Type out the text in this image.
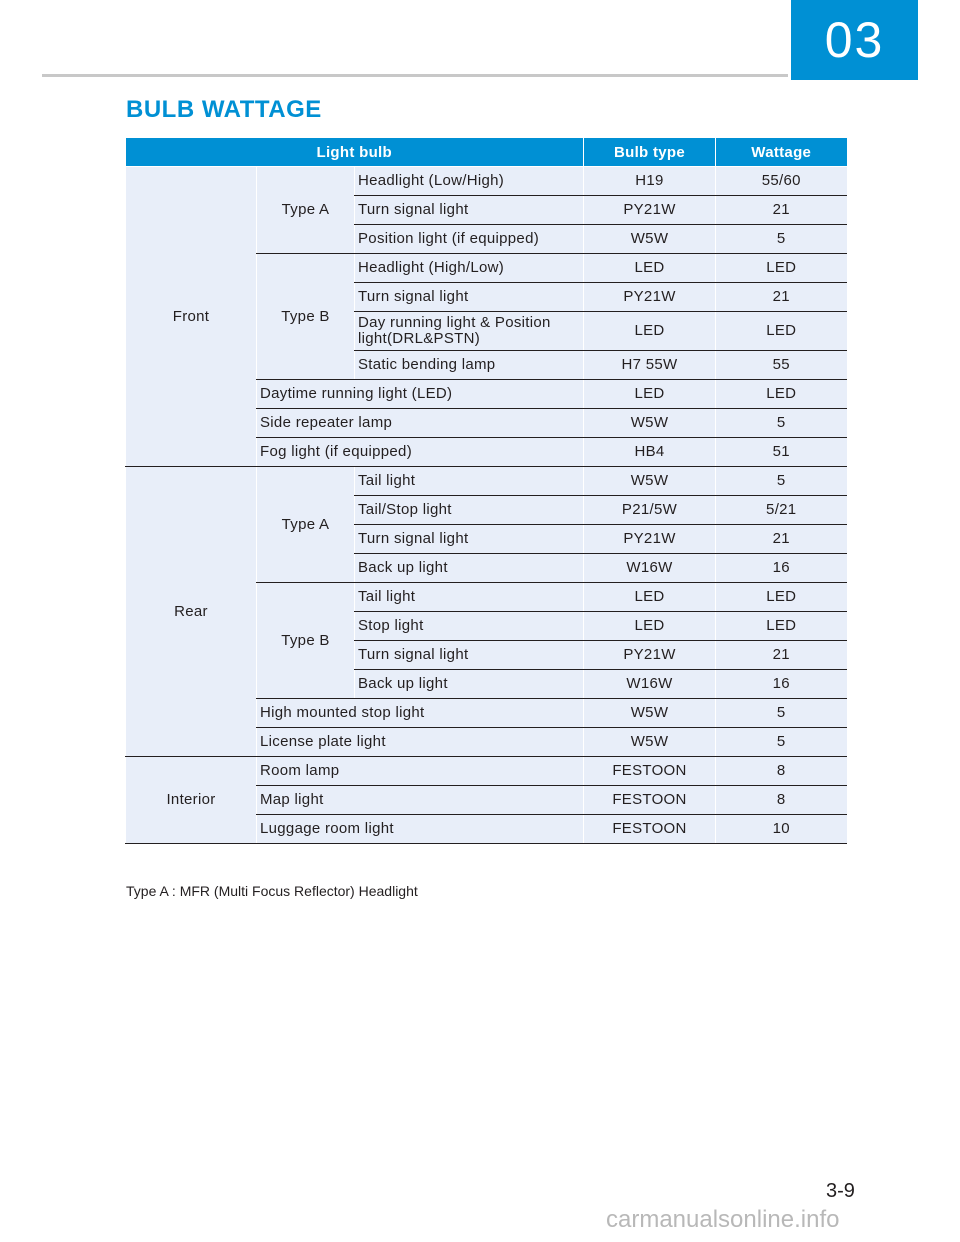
03
BULB WATTAGE
Light bulb			Bulb type	Wattage
Front	Type A	Headlight (Low/High)	H19	55/60
		Turn signal light	PY21W	21
		Position light (if equipped)	W5W	5
	Type B	Headlight (High/Low)	LED	LED
		Turn signal light	PY21W	21
		Day running light & Position light(DRL&PSTN)	LED	LED
		Static bending lamp	H7 55W	55
	Daytime running light (LED)		LED	LED
	Side repeater lamp		W5W	5
	Fog light (if equipped)		HB4	51
Rear	Type A	Tail light	W5W	5
		Tail/Stop light	P21/5W	5/21
		Turn signal light	PY21W	21
		Back up light	W16W	16
	Type B	Tail light	LED	LED
		Stop light	LED	LED
		Turn signal light	PY21W	21
		Back up light	W16W	16
	High mounted stop light		W5W	5
	License plate light		W5W	5
Interior	Room lamp		FESTOON	8
	Map light		FESTOON	8
	Luggage room light		FESTOON	10
Type A : MFR (Multi Focus Reflector) Headlight
3-9
carmanualsonline.info
